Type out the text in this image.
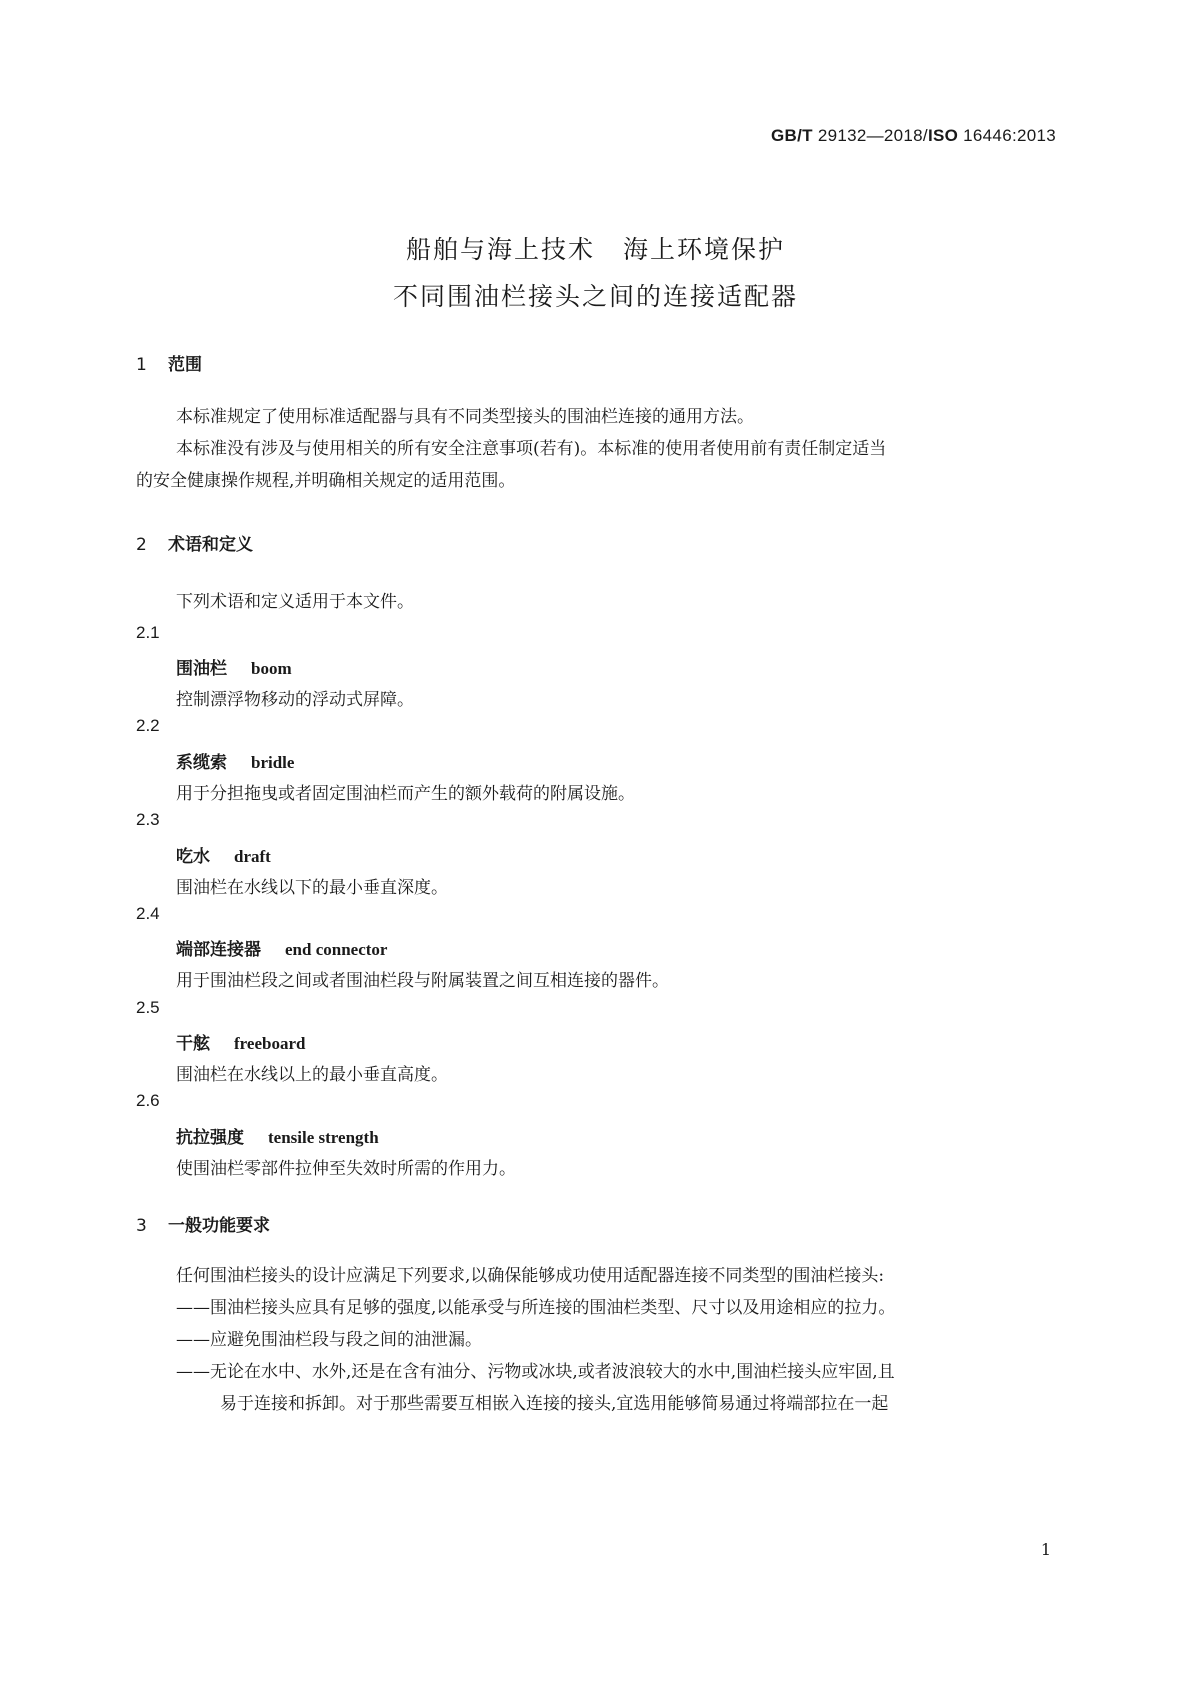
GB/T 29132—2018/ISO 16446:2013
船舶与海上技术 海上环境保护
不同围油栏接头之间的连接适配器
1 范围
本标准规定了使用标准适配器与具有不同类型接头的围油栏连接的通用方法。
本标准没有涉及与使用相关的所有安全注意事项(若有)。本标准的使用者使用前有责任制定适当
的安全健康操作规程,并明确相关规定的适用范围。
2 术语和定义
下列术语和定义适用于本文件。
2.1
围油栏 boom
控制漂浮物移动的浮动式屏障。
2.2
系缆索 bridle
用于分担拖曳或者固定围油栏而产生的额外载荷的附属设施。
2.3
吃水 draft
围油栏在水线以下的最小垂直深度。
2.4
端部连接器 end connector
用于围油栏段之间或者围油栏段与附属装置之间互相连接的器件。
2.5
干舷 freeboard
围油栏在水线以上的最小垂直高度。
2.6
抗拉强度 tensile strength
使围油栏零部件拉伸至失效时所需的作用力。
3 一般功能要求
任何围油栏接头的设计应满足下列要求,以确保能够成功使用适配器连接不同类型的围油栏接头:
——围油栏接头应具有足够的强度,以能承受与所连接的围油栏类型、尺寸以及用途相应的拉力。
——应避免围油栏段与段之间的油泄漏。
——无论在水中、水外,还是在含有油分、污物或冰块,或者波浪较大的水中,围油栏接头应牢固,且
易于连接和拆卸。对于那些需要互相嵌入连接的接头,宜选用能够简易通过将端部拉在一起
1
